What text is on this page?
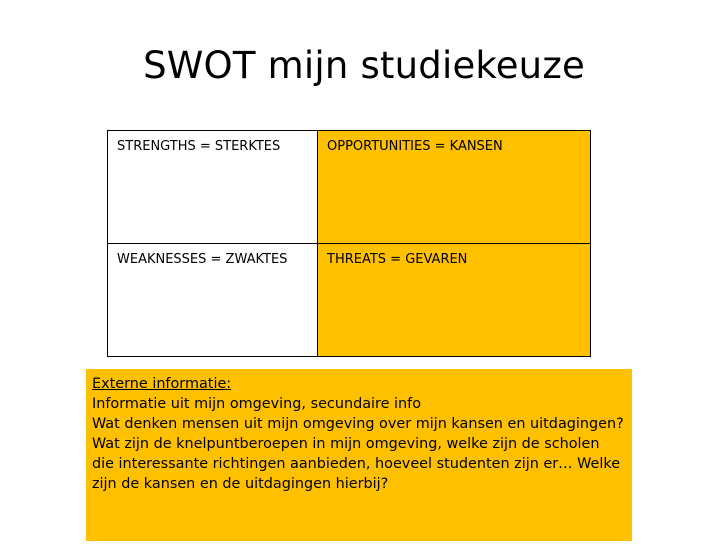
SWOT mijn studiekeuze
STRENGTHS = STERKTES	OPPORTUNITIES = KANSEN
WEAKNESSES = ZWAKTES	THREATS = GEVAREN
Externe informatie:
Informatie uit mijn omgeving, secundaire info
Wat denken mensen uit mijn omgeving over mijn kansen en uitdagingen?
Wat zijn de knelpuntberoepen in mijn omgeving, welke zijn de scholen die interessante richtingen aanbieden, hoeveel studenten zijn er… Welke zijn de kansen en de uitdagingen hierbij?
